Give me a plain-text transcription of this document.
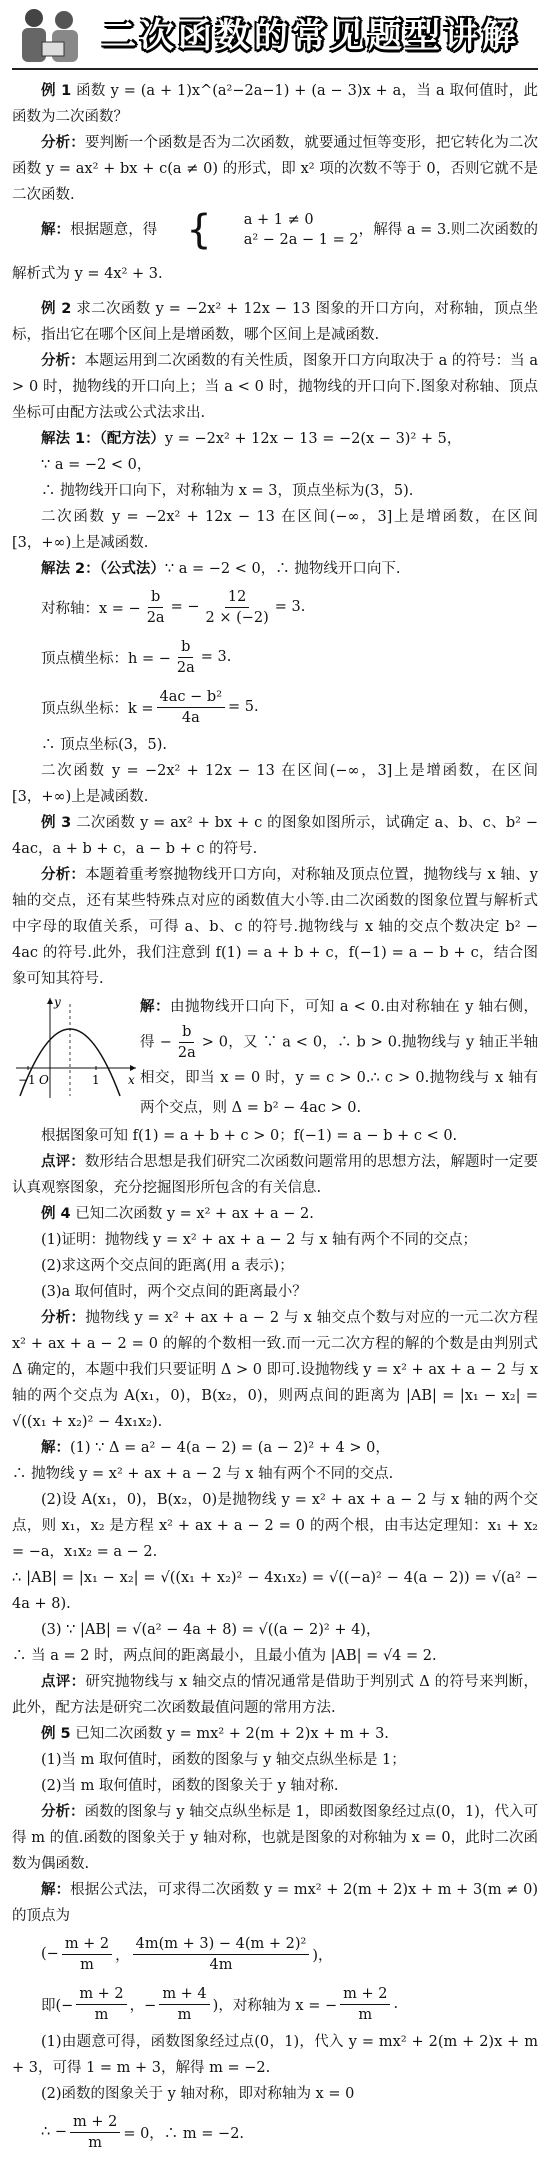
二次函数的常见题型讲解

例 1 函数 y = (a + 1)x^(a²−2a−1) + (a − 3)x + a，当 a 取何值时，此函数为二次函数？

分析：要判断一个函数是否为二次函数，就要通过恒等变形，把它转化为二次函数 y = ax² + bx + c(a ≠ 0) 的形式，即 x² 项的次数不等于 0，否则它就不是二次函数.

解：根据题意，得 {	a + 1 ≠ 0
a² − 2a − 1 = 2
，解得 a = 3.则二次函数的解析式为 y = 4x² + 3.

例 2 求二次函数 y = −2x² + 12x − 13 图象的开口方向，对称轴，顶点坐标，指出它在哪个区间上是增函数，哪个区间上是减函数.

分析：本题运用到二次函数的有关性质，图象开口方向取决于 a 的符号：当 a > 0 时，抛物线的开口向上；当 a < 0 时，抛物线的开口向下.图象对称轴、顶点坐标可由配方法或公式法求出.

解法 1：（配方法）y = −2x² + 12x − 13 = −2(x − 3)² + 5，

∵ a = −2 < 0，

∴ 抛物线开口向下，对称轴为 x = 3，顶点坐标为(3，5).

二次函数 y = −2x² + 12x − 13 在区间(−∞，3]上是增函数，在区间[3，+∞)上是减函数.

解法 2：（公式法）∵ a = −2 < 0，∴ 抛物线开口向下.

对称轴：x = − $\frac{b}{2a}$ = − $\frac{12}{2 \times (-2)} = 3$.
顶点横坐标：h = − $\frac{b}{2a} = 3$.
顶点纵坐标：$k = \frac{\text{4ac − b²}}{4a} = 5$.

∴ 顶点坐标(3，5).

二次函数 y = −2x² + 12x − 13 在区间(−∞，3]上是增函数，在区间[3，+∞)上是减函数.

例 3 二次函数 y = ax² + bx + c 的图象如图所示，试确定 a、b、c、b² − 4ac，a + b + c，a − b + c 的符号.

分析：本题着重考察抛物线开口方向，对称轴及顶点位置，抛物线与 x 轴、y 轴的交点，还有某些特殊点对应的函数值大小等.由二次函数的图象位置与解析式中字母的取值关系，可得 a、b、c 的符号.抛物线与 x 轴的交点个数决定 b² − 4ac 的符号.此外，我们注意到 f(1) = a + b + c，f(−1) = a − b + c，结合图象可知其符号.

y
x
−1 O	1

解：由抛物线开口向下，可知 a < 0.由对称轴在 y 轴右侧，得 − $\frac{b}{2a} > 0$，又 ∵ a < 0，∴ b > 0.抛物线与 y 轴正半轴相交，即当 x = 0 时，y = c > 0.∴ c > 0.抛物线与 x 轴有两个交点，则 Δ = b² − 4ac > 0.

根据图象可知 f(1) = a + b + c > 0；f(−1) = a − b + c < 0.

点评：数形结合思想是我们研究二次函数问题常用的思想方法，解题时一定要认真观察图象，充分挖掘图形所包含的有关信息.

例 4 已知二次函数 y = x² + ax + a − 2.

(1)证明：抛物线 y = x² + ax + a − 2 与 x 轴有两个不同的交点；

(2)求这两个交点间的距离(用 a 表示)；

(3)a 取何值时，两个交点间的距离最小？

分析：抛物线 y = x² + ax + a − 2 与 x 轴交点个数与对应的一元二次方程 x² + ax + a − 2 = 0 的解的个数相一致.而一元二次方程的解的个数是由判别式 Δ 确定的，本题中我们只要证明 Δ > 0 即可.设抛物线 y = x² + ax + a − 2 与 x 轴的两个交点为 A(x₁，0)，B(x₂，0)，则两点间的距离为 |AB| = |x₁ − x₂| = √((x₁ + x₂)² − 4x₁x₂).

解：(1) ∵ Δ = a² − 4(a − 2) = (a − 2)² + 4 > 0，

∴ 抛物线 y = x² + ax + a − 2 与 x 轴有两个不同的交点.

(2)设 A(x₁，0)，B(x₂，0)是抛物线 y = x² + ax + a − 2 与 x 轴的两个交点，则 x₁，x₂ 是方程 x² + ax + a − 2 = 0 的两个根，由韦达定理知：x₁ + x₂ = −a，x₁x₂ = a − 2.

∴ |AB| = |x₁ − x₂| = √((x₁ + x₂)² − 4x₁x₂) = √((−a)² − 4(a − 2)) = √(a² − 4a + 8).

(3) ∵ |AB| = √(a² − 4a + 8) = √((a − 2)² + 4)，

∴ 当 a = 2 时，两点间的距离最小，且最小值为 |AB| = √4 = 2.

点评：研究抛物线与 x 轴交点的情况通常是借助于判别式 Δ 的符号来判断，此外，配方法是研究二次函数最值问题的常用方法.

例 5 已知二次函数 y = mx² + 2(m + 2)x + m + 3.

(1)当 m 取何值时，函数的图象与 y 轴交点纵坐标是 1；

(2)当 m 取何值时，函数的图象关于 y 轴对称.

分析：函数的图象与 y 轴交点纵坐标是 1，即函数图象经过点(0，1)，代入可得 m 的值.函数的图象关于 y 轴对称，也就是图象的对称轴为 x = 0，此时二次函数为偶函数.

解：根据公式法，可求得二次函数 y = mx² + 2(m + 2)x + m + 3(m ≠ 0)的顶点为

(− $\frac{m + 2}{m}$ ， $\frac{\text{4m(m + 3) − 4(m + 2)²}}{4m}$ )，
即(− $\frac{m + 2}{m}$ ，− $\frac{m + 4}{m}$ )，对称轴为 x = − $\frac{m + 2}{m}$ .

(1)由题意可得，函数图象经过点(0，1)，代入 y = mx² + 2(m + 2)x + m + 3，可得 1 = m + 3，解得 m = −2.

(2)函数的图象关于 y 轴对称，即对称轴为 x = 0

∴ − $\frac{m + 2}{m} = 0$，∴ m = −2.
